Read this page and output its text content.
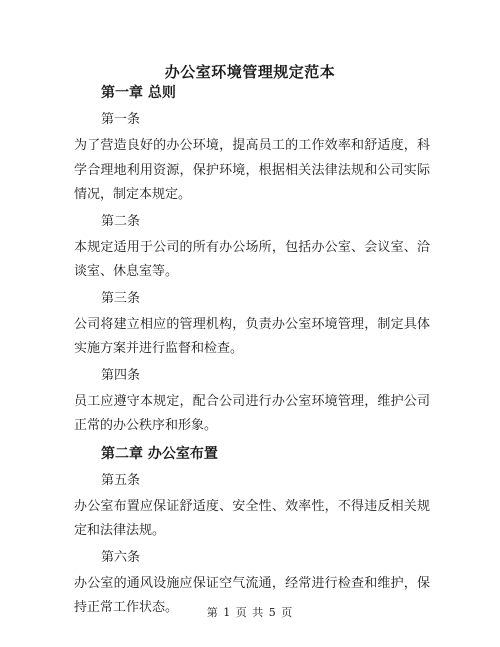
办公室环境管理规定范本
第一章 总则
第一条
为了营造良好的办公环境，提高员工的工作效率和舒适度，科学合理地利用资源，保护环境，根据相关法律法规和公司实际情况，制定本规定。
第二条
本规定适用于公司的所有办公场所，包括办公室、会议室、洽谈室、休息室等。
第三条
公司将建立相应的管理机构，负责办公室环境管理，制定具体实施方案并进行监督和检查。
第四条
员工应遵守本规定，配合公司进行办公室环境管理，维护公司正常的办公秩序和形象。
第二章 办公室布置
第五条
办公室布置应保证舒适度、安全性、效率性，不得违反相关规定和法律法规。
第六条
办公室的通风设施应保证空气流通，经常进行检查和维护，保持正常工作状态。	第 1 页 共 5 页
